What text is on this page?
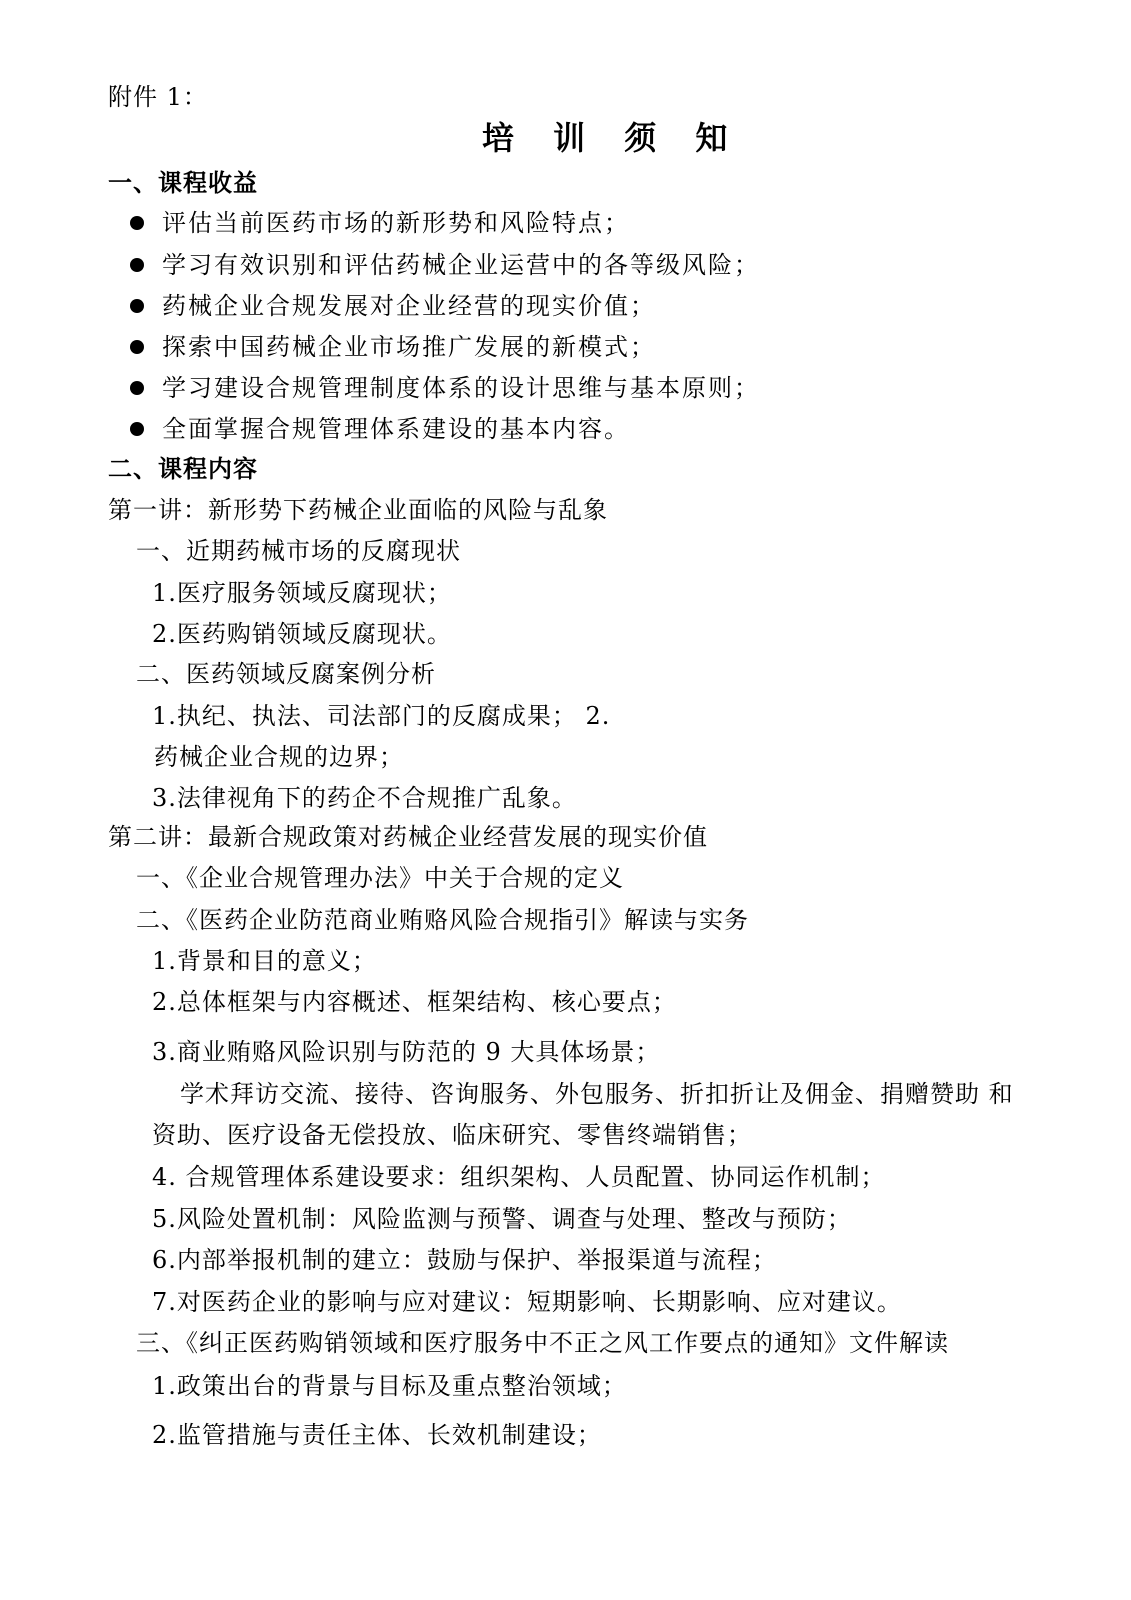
附件 1：
培 训 须 知
一、课程收益
评估当前医药市场的新形势和风险特点；
学习有效识别和评估药械企业运营中的各等级风险；
药械企业合规发展对企业经营的现实价值；
探索中国药械企业市场推广发展的新模式；
学习建设合规管理制度体系的设计思维与基本原则；
全面掌握合规管理体系建设的基本内容。
二、课程内容
第一讲：新形势下药械企业面临的风险与乱象
一、近期药械市场的反腐现状
1.医疗服务领域反腐现状；
2.医药购销领域反腐现状。
二、医药领域反腐案例分析
1.执纪、执法、司法部门的反腐成果； 2.
药械企业合规的边界；
3.法律视角下的药企不合规推广乱象。
第二讲：最新合规政策对药械企业经营发展的现实价值
一、《企业合规管理办法》中关于合规的定义
二、《医药企业防范商业贿赂风险合规指引》解读与实务
1.背景和目的意义；
2.总体框架与内容概述、框架结构、核心要点；
3.商业贿赂风险识别与防范的 9 大具体场景；
学术拜访交流、接待、咨询服务、外包服务、折扣折让及佣金、捐赠赞助 和
资助、医疗设备无偿投放、临床研究、零售终端销售；
4. 合规管理体系建设要求：组织架构、人员配置、协同运作机制；
5.风险处置机制：风险监测与预警、调查与处理、整改与预防；
6.内部举报机制的建立：鼓励与保护、举报渠道与流程；
7.对医药企业的影响与应对建议：短期影响、长期影响、应对建议。
三、《纠正医药购销领域和医疗服务中不正之风工作要点的通知》文件解读
1.政策出台的背景与目标及重点整治领域；
2.监管措施与责任主体、长效机制建设；
